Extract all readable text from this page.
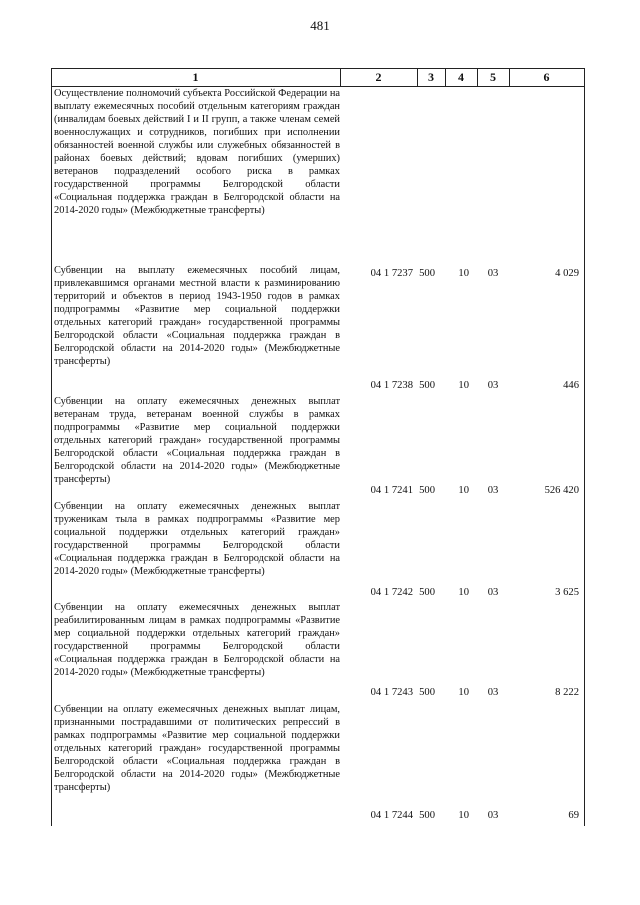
481
1	2	3	4	5	6
Осуществление полномочий субъекта Российской Федерации на выплату ежемесячных пособий отдельным категориям граждан (инвалидам боевых действий I и II групп, а также членам семей военнослужащих и сотрудников, погибших при исполнении обязанностей военной службы или служебных обязанностей в районах боевых действий; вдовам погибших (умерших) ветеранов подразделений особого риска в рамках государственной программы Белгородской области «Социальная поддержка граждан в Белгородской области на 2014-2020 годы» (Межбюджетные трансферты)
04 1 7237 500	10	03	4 029
Субвенции на выплату ежемесячных пособий лицам, привлекавшимся органами местной власти к разминированию территорий и объектов в период 1943-1950 годов в рамках подпрограммы «Развитие мер социальной поддержки отдельных категорий граждан» государственной программы Белгородской области «Социальная поддержка граждан в Белгородской области на 2014-2020 годы» (Межбюджетные трансферты)
04 1 7238 500	10	03	446
Субвенции на оплату ежемесячных денежных выплат ветеранам труда, ветеранам военной службы в рамках подпрограммы «Развитие мер социальной поддержки отдельных категорий граждан» государственной программы Белгородской области «Социальная поддержка граждан в Белгородской области на 2014-2020 годы» (Межбюджетные трансферты)
04 1 7241 500	10	03	526 420
Субвенции на оплату ежемесячных денежных выплат труженикам тыла в рамках подпрограммы «Развитие мер социальной поддержки отдельных категорий граждан» государственной программы Белгородской области «Социальная поддержка граждан в Белгородской области на 2014-2020 годы» (Межбюджетные трансферты)
04 1 7242 500	10	03	3 625
Субвенции на оплату ежемесячных денежных выплат реабилитированным лицам в рамках подпрограммы «Развитие мер социальной поддержки отдельных категорий граждан» государственной программы Белгородской области «Социальная поддержка граждан в Белгородской области на 2014-2020 годы» (Межбюджетные трансферты)
04 1 7243 500	10	03	8 222
Субвенции на оплату ежемесячных денежных выплат лицам, признанными пострадавшими от политических репрессий в рамках подпрограммы «Развитие мер социальной поддержки отдельных категорий граждан» государственной программы Белгородской области «Социальная поддержка граждан в Белгородской области на 2014-2020 годы» (Межбюджетные трансферты)
04 1 7244 500	10	03	69
